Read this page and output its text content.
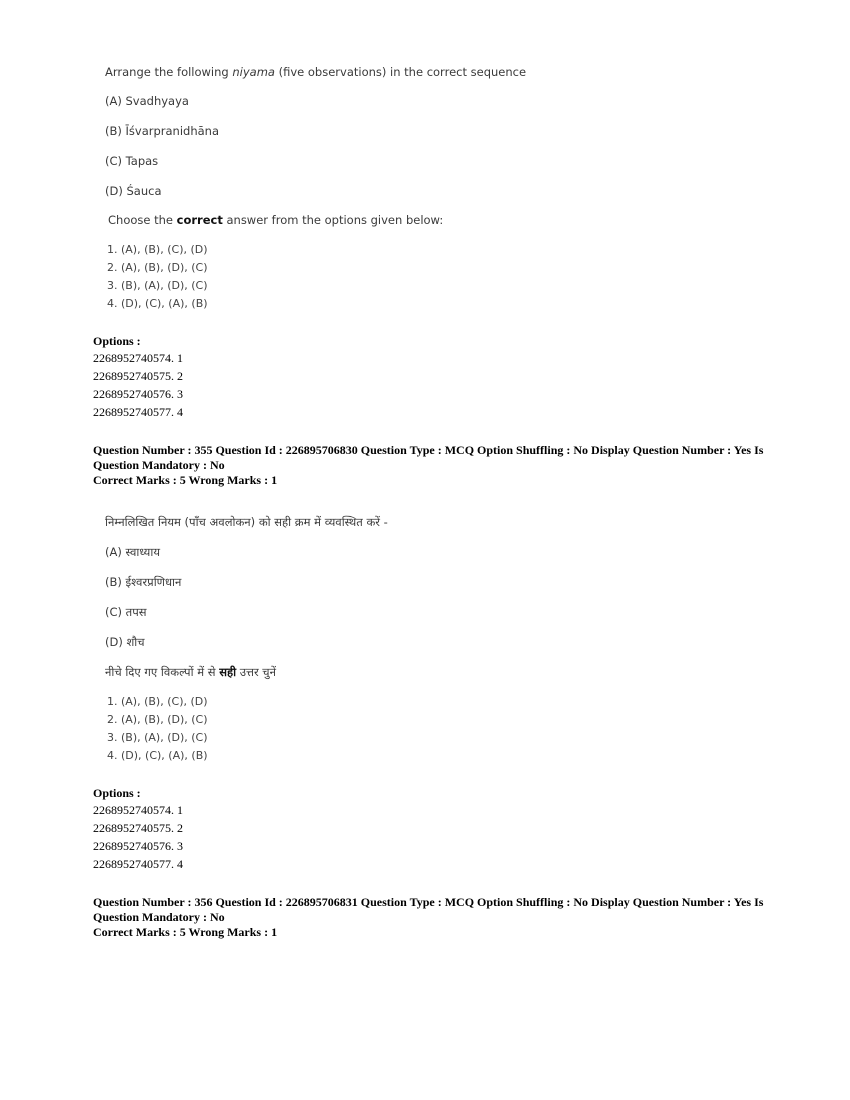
Arrange the following niyama (five observations) in the correct sequence
(A) Svadhyaya
(B) Īśvarpranidhāna
(C) Tapas
(D) Śauca
Choose the correct answer from the options given below:
1. (A), (B), (C), (D)
2. (A), (B), (D), (C)
3. (B), (A), (D), (C)
4. (D), (C), (A), (B)
Options :
2268952740574. 1
2268952740575. 2
2268952740576. 3
2268952740577. 4
Question Number : 355 Question Id : 226895706830 Question Type : MCQ Option Shuffling : No Display Question Number : Yes Is Question Mandatory : No
Correct Marks : 5 Wrong Marks : 1
निम्नलिखित नियम (पाँच अवलोकन) को सही क्रम में व्यवस्थित करें -
(A) स्वाध्याय
(B) ईश्वरप्रणिधान
(C) तपस
(D) शौच
नीचे दिए गए विकल्पों में से सही उत्तर चुनें
1. (A), (B), (C), (D)
2. (A), (B), (D), (C)
3. (B), (A), (D), (C)
4. (D), (C), (A), (B)
Options :
2268952740574. 1
2268952740575. 2
2268952740576. 3
2268952740577. 4
Question Number : 356 Question Id : 226895706831 Question Type : MCQ Option Shuffling : No Display Question Number : Yes Is Question Mandatory : No
Correct Marks : 5 Wrong Marks : 1
